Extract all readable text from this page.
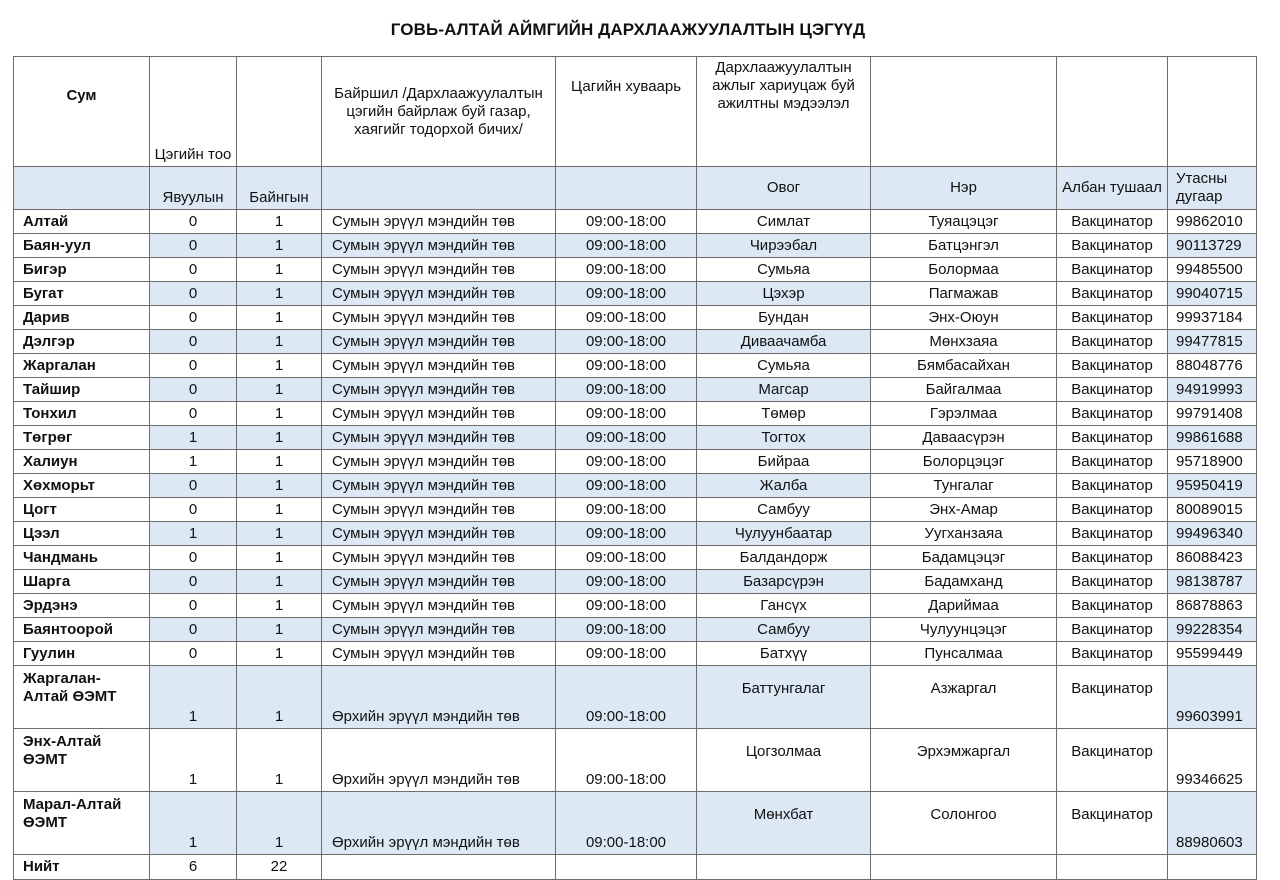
ГОВЬ-АЛТАЙ АЙМГИЙН ДАРХЛААЖУУЛАЛТЫН ЦЭГҮҮД
Сум	Цэгийн тоо		Байршил /Дархлаажуулалтын цэгийн байрлаж буй газар, хаягийг тодорхой бичих/	Цагийн хуваарь	Дархлаажуулалтын ажлыг хариуцаж буй ажилтны мэдээлэл			
	Явуулын	Байнгын			Овог	Нэр	Албан тушаал	Утасны дугаар
Алтай	0	1	Сумын эрүүл мэндийн төв	09:00-18:00	Симлат	Туяацэцэг	Вакцинатор	99862010
Баян-уул	0	1	Сумын эрүүл мэндийн төв	09:00-18:00	Чирээбал	Батцэнгэл	Вакцинатор	90113729
Бигэр	0	1	Сумын эрүүл мэндийн төв	09:00-18:00	Сумьяа	Болормаа	Вакцинатор	99485500
Бугат	0	1	Сумын эрүүл мэндийн төв	09:00-18:00	Цэхэр	Пагмажав	Вакцинатор	99040715
Дарив	0	1	Сумын эрүүл мэндийн төв	09:00-18:00	Бундан	Энх-Оюун	Вакцинатор	99937184
Дэлгэр	0	1	Сумын эрүүл мэндийн төв	09:00-18:00	Диваачамба	Мөнхзаяа	Вакцинатор	99477815
Жаргалан	0	1	Сумын эрүүл мэндийн төв	09:00-18:00	Сумьяа	Бямбасайхан	Вакцинатор	88048776
Тайшир	0	1	Сумын эрүүл мэндийн төв	09:00-18:00	Магсар	Байгалмаа	Вакцинатор	94919993
Тонхил	0	1	Сумын эрүүл мэндийн төв	09:00-18:00	Төмөр	Гэрэлмаа	Вакцинатор	99791408
Төгрөг	1	1	Сумын эрүүл мэндийн төв	09:00-18:00	Тогтох	Даваасүрэн	Вакцинатор	99861688
Халиун	1	1	Сумын эрүүл мэндийн төв	09:00-18:00	Бийраа	Болорцэцэг	Вакцинатор	95718900
Хөхморьт	0	1	Сумын эрүүл мэндийн төв	09:00-18:00	Жалба	Тунгалаг	Вакцинатор	95950419
Цогт	0	1	Сумын эрүүл мэндийн төв	09:00-18:00	Самбуу	Энх-Амар	Вакцинатор	80089015
Цээл	1	1	Сумын эрүүл мэндийн төв	09:00-18:00	Чулуунбаатар	Уугханзаяа	Вакцинатор	99496340
Чандмань	0	1	Сумын эрүүл мэндийн төв	09:00-18:00	Балдандорж	Бадамцэцэг	Вакцинатор	86088423
Шарга	0	1	Сумын эрүүл мэндийн төв	09:00-18:00	Базарсүрэн	Бадамханд	Вакцинатор	98138787
Эрдэнэ	0	1	Сумын эрүүл мэндийн төв	09:00-18:00	Гансүх	Дариймаа	Вакцинатор	86878863
Баянтоорой	0	1	Сумын эрүүл мэндийн төв	09:00-18:00	Самбуу	Чулуунцэцэг	Вакцинатор	99228354
Гуулин	0	1	Сумын эрүүл мэндийн төв	09:00-18:00	Батхүү	Пунсалмаа	Вакцинатор	95599449
Жаргалан-Алтай ӨЭМТ	1	1	Өрхийн эрүүл мэндийн төв	09:00-18:00	Баттунгалаг	Азжаргал	Вакцинатор	99603991
Энх-Алтай ӨЭМТ	1	1	Өрхийн эрүүл мэндийн төв	09:00-18:00	Цогзолмаа	Эрхэмжаргал	Вакцинатор	99346625
Марал-Алтай ӨЭМТ	1	1	Өрхийн эрүүл мэндийн төв	09:00-18:00	Мөнхбат	Солонгоо	Вакцинатор	88980603
Нийт	6	22						
